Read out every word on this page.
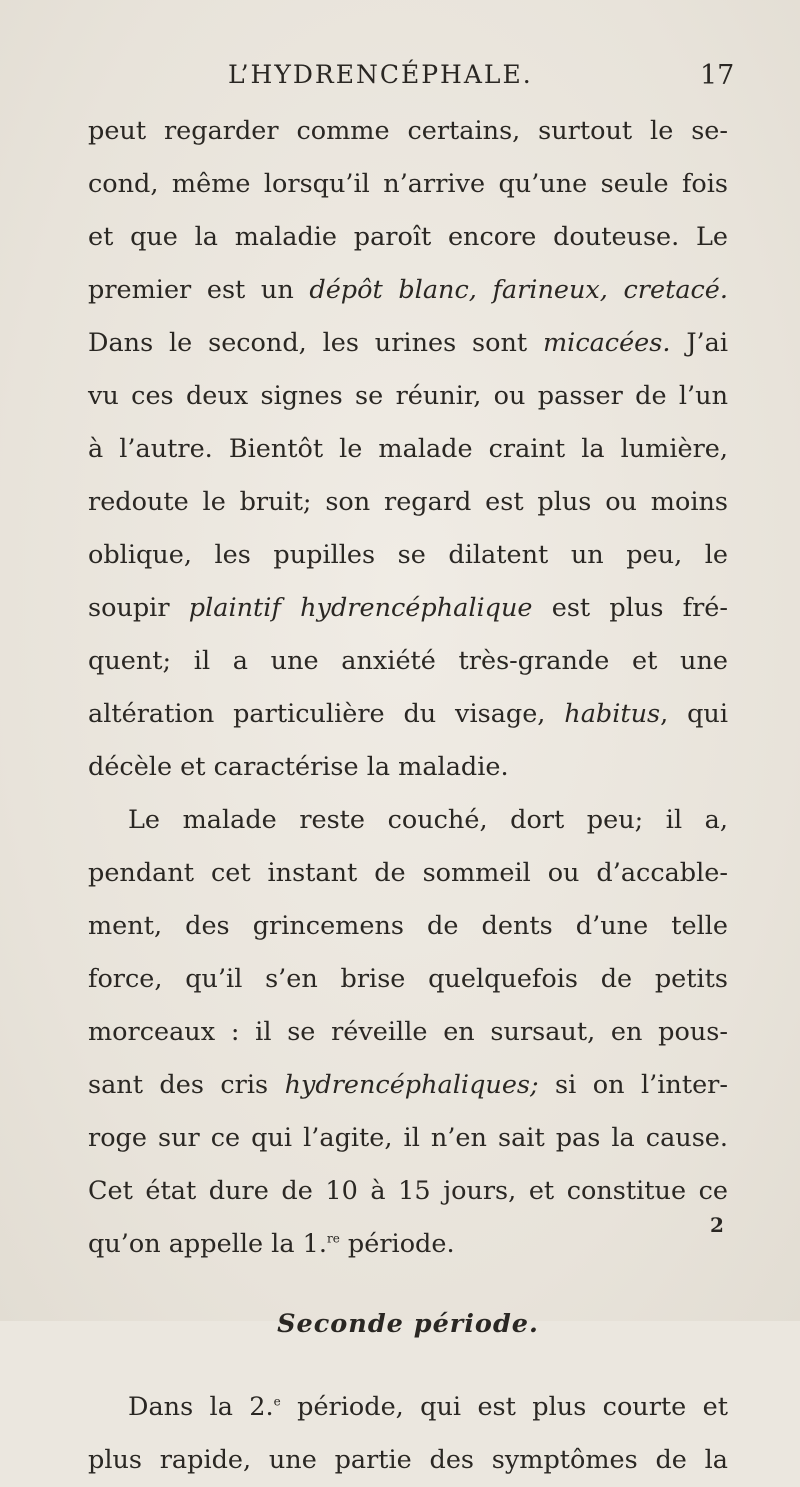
L’HYDRENCÉPHALE.	17
peut regarder comme certains, surtout le se-
cond, même lorsqu’il n’arrive qu’une seule fois
et que la maladie paroît encore douteuse. Le
premier est un dépôt blanc, farineux, cretacé.
Dans le second, les urines sont micacées. J’ai
vu ces deux signes se réunir, ou passer de l’un
à l’autre. Bientôt le malade craint la lumière,
redoute le bruit; son regard est plus ou moins
oblique, les pupilles se dilatent un peu, le
soupir plaintif hydrencéphalique est plus fré-
quent; il a une anxiété très-grande et une
altération particulière du visage, habitus, qui
décèle et caractérise la maladie.
Le malade reste couché, dort peu; il a,
pendant cet instant de sommeil ou d’accable-
ment, des grincemens de dents d’une telle
force, qu’il s’en brise quelquefois de petits
morceaux : il se réveille en sursaut, en pous-
sant des cris hydrencéphaliques; si on l’inter-
roge sur ce qui l’agite, il n’en sait pas la cause.
Cet état dure de 10 à 15 jours, et constitue ce
qu’on appelle la 1.$^{re}$ période.
Seconde période.
Dans la 2.$^e$ période, qui est plus courte et
plus rapide, une partie des symptômes de la
2
